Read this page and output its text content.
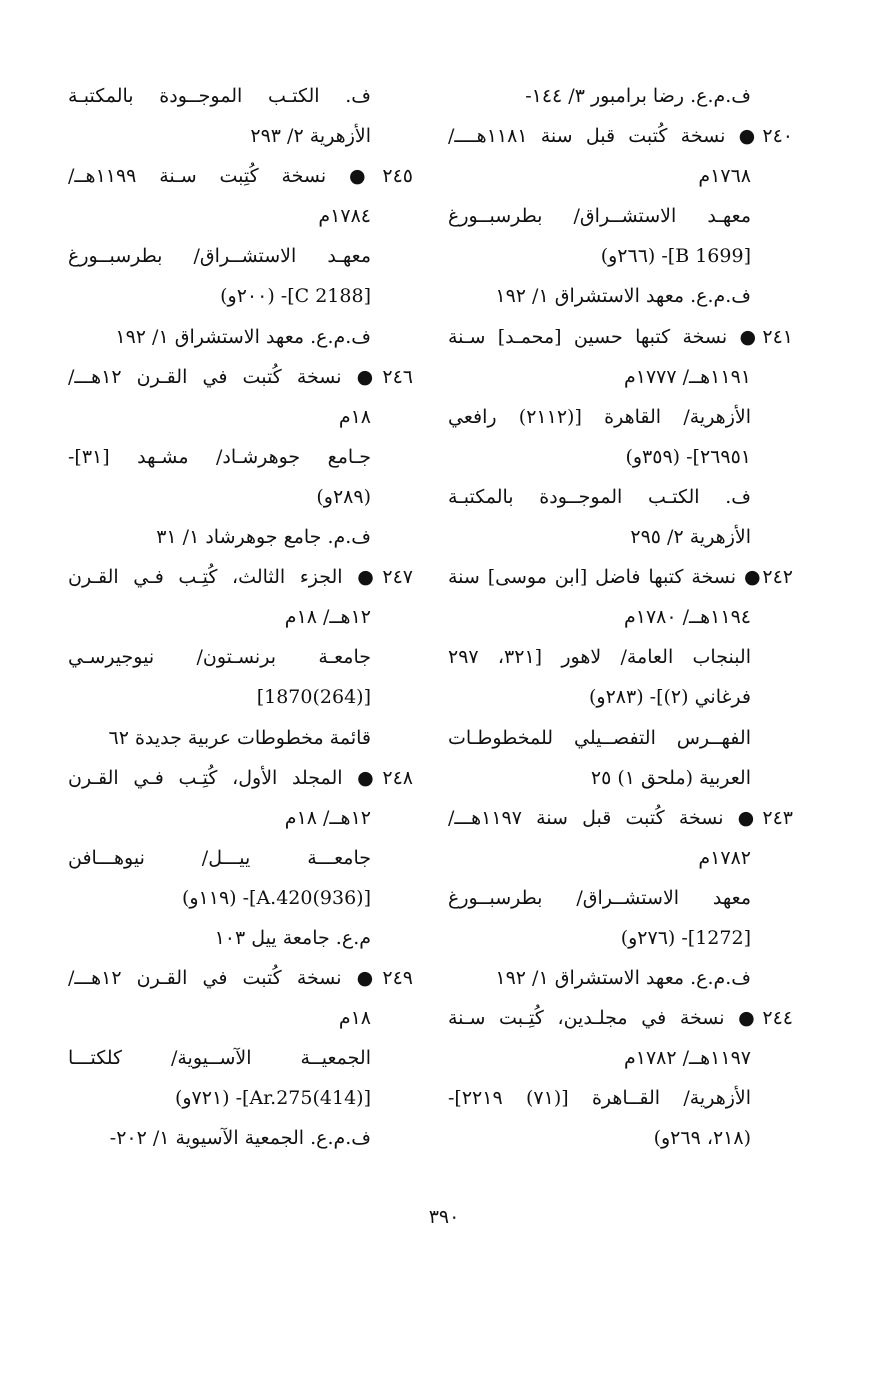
ف.م.ع. رضا برامبور ٣/ ١٤٤-
٢٤٠● نسخة كُتبت قبل سنة ١١٨١هــــ/
١٧٦٨م
معهـد الاستشــراق/ بطرسبــورغ
[B 1699]- (٢٦٦و)
ف.م.ع. معهد الاستشراق ١/ ١٩٢
٢٤١● نسخة كتبها حسين [محمـد] سـنة
١١٩١هــ/ ١٧٧٧م
الأزهرية/ القاهرة [(٢١١٢) رافعي
٢٦٩٥١]- (٣٥٩و)
ف. الكتـب الموجــودة بالمكتبـة
الأزهرية ٢/ ٢٩٥
٢٤٢● نسخة كتبها فاضل [ابن موسى] سنة
١١٩٤هــ/ ١٧٨٠م
البنجاب العامة/ لاهور [٣٢١، ٢٩٧
فرغاني (٢)]- (٢٨٣و)
الفهــرس التفصــيلي للمخطوطـات
العربية (ملحق ١) ٢٥
٢٤٣● نسخة كُتبت قبل سنة ١١٩٧هـــ/
١٧٨٢م
معهد الاستشــراق/ بطرسبــورغ
[1272]- (٢٧٦و)
ف.م.ع. معهد الاستشراق ١/ ١٩٢
٢٤٤● نسخة في مجلـدين، كُتِـبت سـنة
١١٩٧هــ/ ١٧٨٢م
الأزهرية/ القــاهرة [(٧١) ٢٢١٩]-
(٢١٨، ٢٦٩و)
ف. الكتـب الموجــودة بالمكتبـة
الأزهرية ٢/ ٢٩٣
٢٤٥● نسخة كُتِبت سـنة ١١٩٩هــ/
١٧٨٤م
معهـد الاستشــراق/ بطرسبــورغ
[C 2188]- (٢٠٠و)
ف.م.ع. معهد الاستشراق ١/ ١٩٢
٢٤٦● نسخة كُتبت في القـرن ١٢هـــ/
١٨م
جـامع جوهرشـاد/ مشـهد [٣١]-
(٢٨٩و)
ف.م. جامع جوهرشاد ١/ ٣١
٢٤٧● الجزء الثالث، كُتِـب فـي القـرن
١٢هــ/ ١٨م
جامعـة برنسـتون/ نيوجيرسـي
[(264)1870]
قائمة مخطوطات عربية جديدة ٦٢
٢٤٨● المجلد الأول، كُتِـب فـي القـرن
١٢هــ/ ١٨م
جامعـــة ييـــل/ نيوهـــافن
[(936)A.420]- (١١٩و)
م.ع. جامعة ييل ١٠٣
٢٤٩● نسخة كُتبت في القـرن ١٢هـــ/
١٨م
الجمعيــة الآســيوية/ كلكتـــا
[(414)Ar.275]- (٧٢١و)
ف.م.ع. الجمعية الآسيوية ١/ ٢٠٢-
٣٩٠
